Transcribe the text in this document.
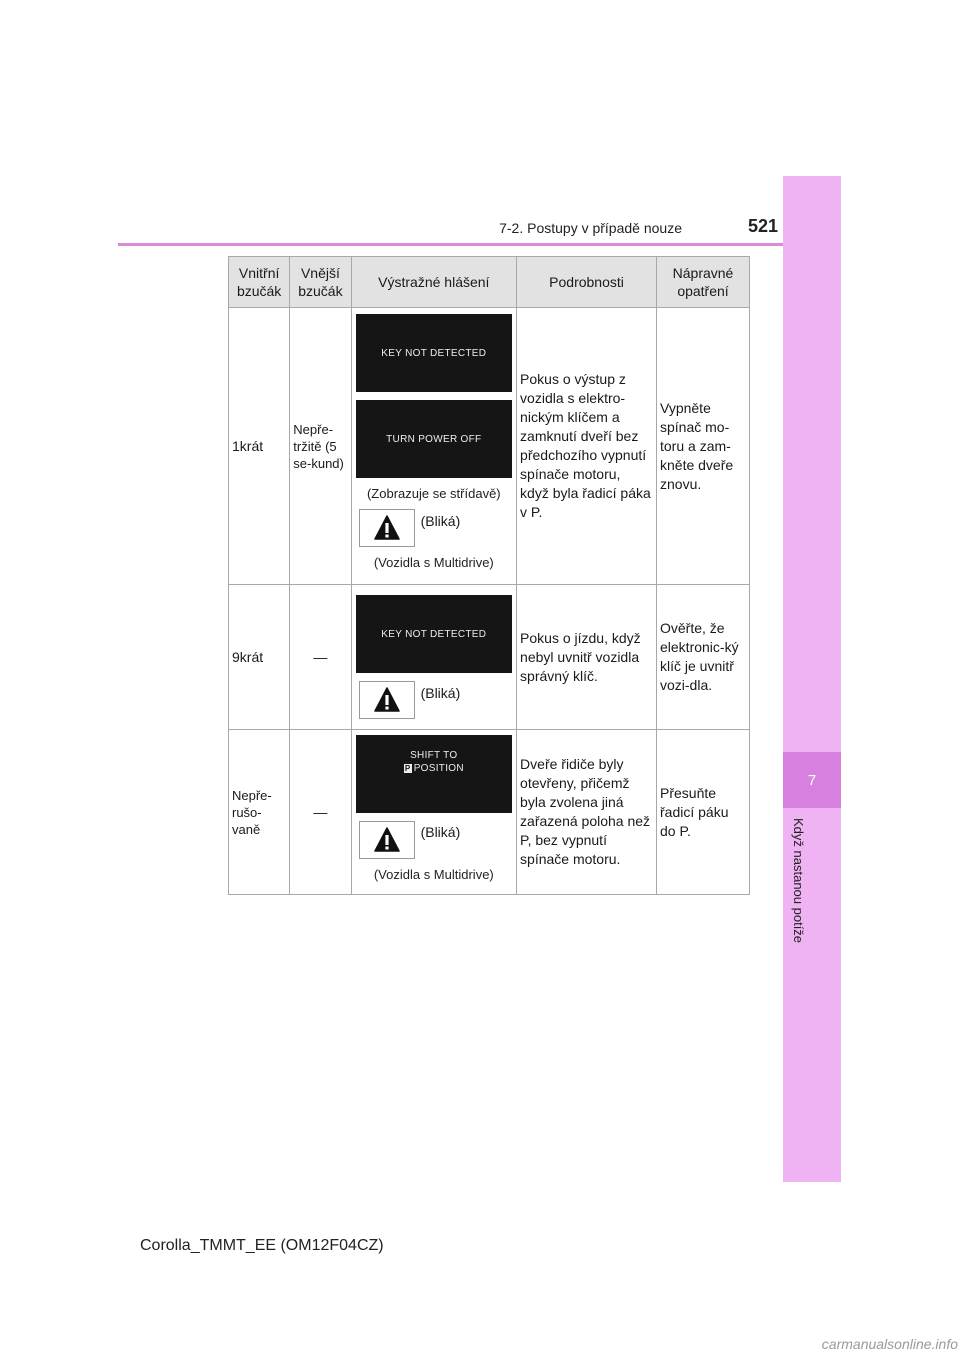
7
Když nastanou potíže
7-2. Postupy v případě nouze	521
Vnitřní bzučák	Vnější bzučák	Výstražné hlášení	Podrobnosti	Nápravné opatření
1krát	Nepře-tržitě (5 se-kund)	KEY NOT DETECTED
TURN POWER OFF
(Zobrazuje se střídavě)
(Bliká)
(Vozidla s Multidrive)	Pokus o výstup z vozidla s elektro-nickým klíčem a zamknutí dveří bez předchozího vypnutí spínače motoru, když byla řadicí páka v P.	Vypněte spínač mo-toru a zam-kněte dveře znovu.
9krát	—	KEY NOT DETECTED
(Bliká)	Pokus o jízdu, když nebyl uvnitř vozidla správný klíč.	Ověřte, že elektronic-ký klíč je uvnitř vozi-dla.
Nepře-rušo-vaně	—	SHIFT TO
P POSITION
(Bliká)
(Vozidla s Multidrive)	Dveře řidiče byly otevřeny, přičemž byla zvolena jiná zařazená poloha než P, bez vypnutí spínače motoru.	Přesuňte řadicí páku do P.
Corolla_TMMT_EE (OM12F04CZ)
carmanualsonline.info
